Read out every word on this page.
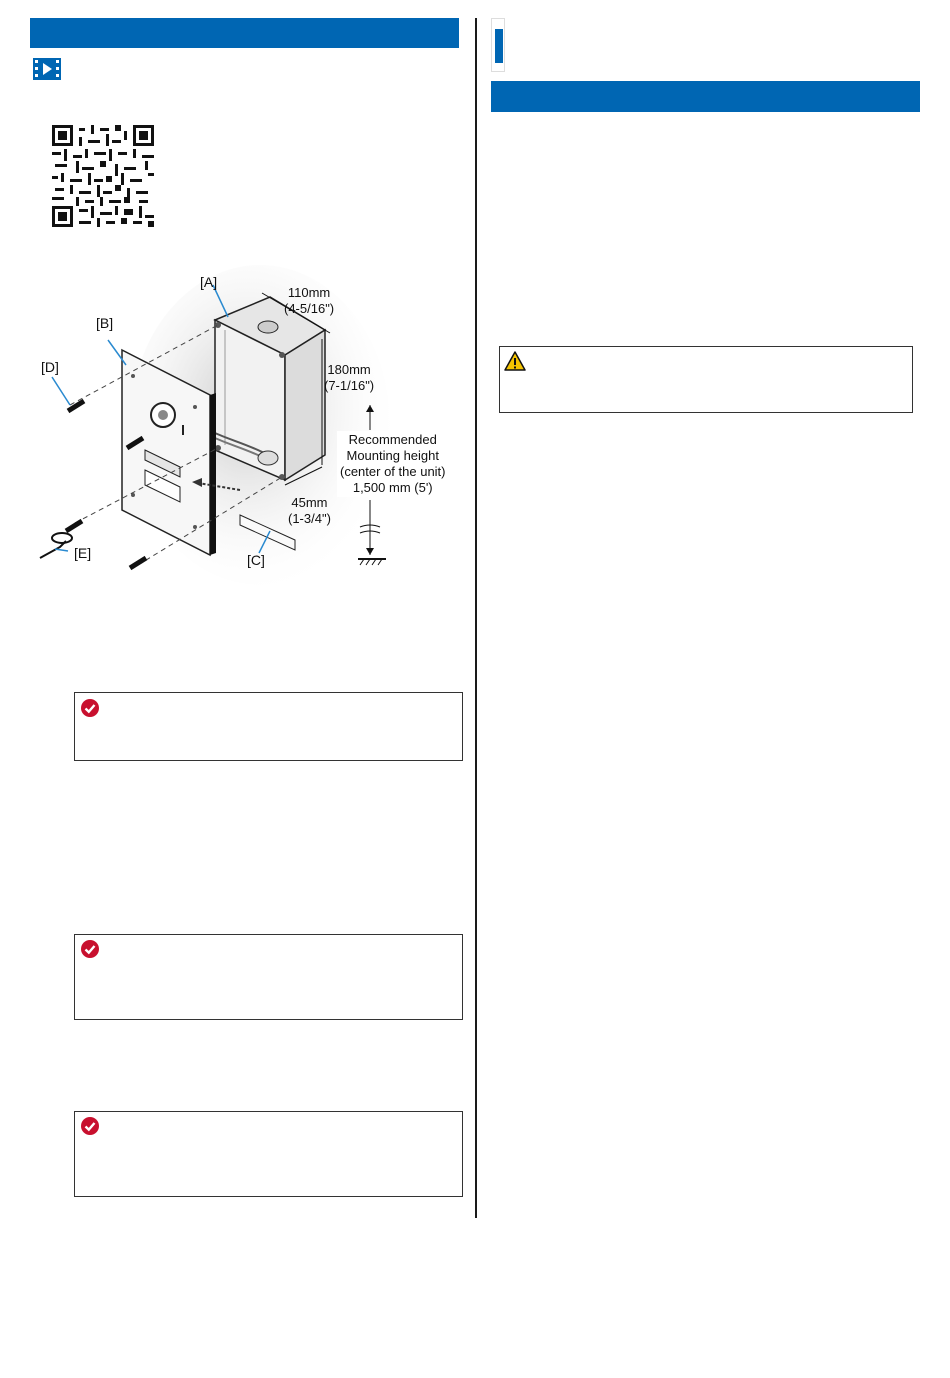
[A]
[B]
[C]
[D]
[E]
110mm
(4-5/16")
180mm
(7-1/16")
45mm
(1-3/4")
Recommended
Mounting height
(center of the unit)
1,500 mm (5')
